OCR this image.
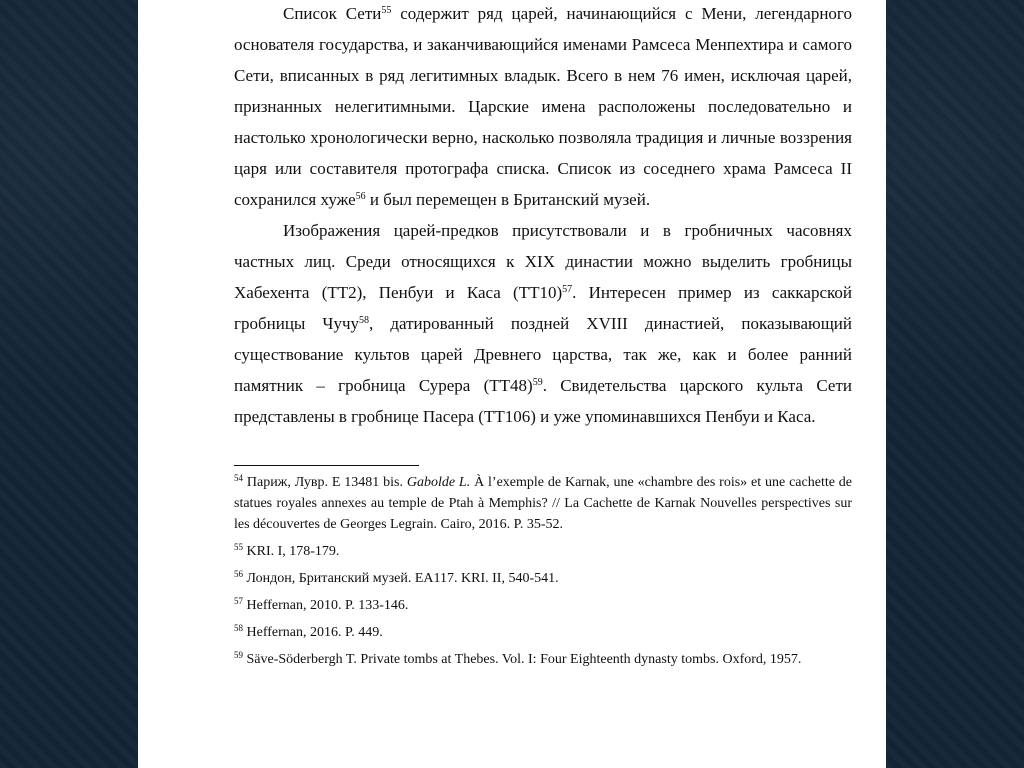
Список Сети$^{55}$ содержит ряд царей, начинающийся с Мени, легендарного основателя государства, и заканчивающийся именами Рамсеса Менпехтира и самого Сети, вписанных в ряд легитимных владык. Всего в нем 76 имен, исключая царей, признанных нелегитимными. Царские имена расположены последовательно и настолько хронологически верно, насколько позволяла традиция и личные воззрения царя или составителя протографа списка. Список из соседнего храма Рамсеса II сохранился хуже$^{56}$ и был перемещен в Британский музей.

Изображения царей-предков присутствовали и в гробничных часовнях частных лиц. Среди относящихся к XIX династии можно выделить гробницы Хабехента (TT2), Пенбуи и Каса $(TT10)^{57}$. Интересен пример из саккарской гробницы Чучу$^{58}$, датированный поздней XVIII династией, показывающий существование культов царей Древнего царства, так же, как и более ранний памятник – гробница Сурера $(TT48)^{59}$. Свидетельства царского культа Сети представлены в гробнице Пасера (TT106) и уже упоминавшихся Пенбуи и Каса.

$^{54}$ Париж, Лувр. E 13481 bis. Gabolde L. À l’exemple de Karnak, une «chambre des rois» et une cachette de statues royales annexes au temple de Ptah à Memphis? // La Cachette de Karnak Nouvelles perspectives sur les découvertes de Georges Legrain. Cairo, 2016. P. 35-52.
$^{55}$ KRI. I, 178-179.
$^{56}$ Лондон, Британский музей. EA117. KRI. II, 540-541.
$^{57}$ Heffernan, 2010. P. 133-146.
$^{58}$ Heffernan, 2016. P. 449.
$^{59}$ Säve-Söderbergh T. Private tombs at Thebes. Vol. I: Four Eighteenth dynasty tombs. Oxford, 1957.
